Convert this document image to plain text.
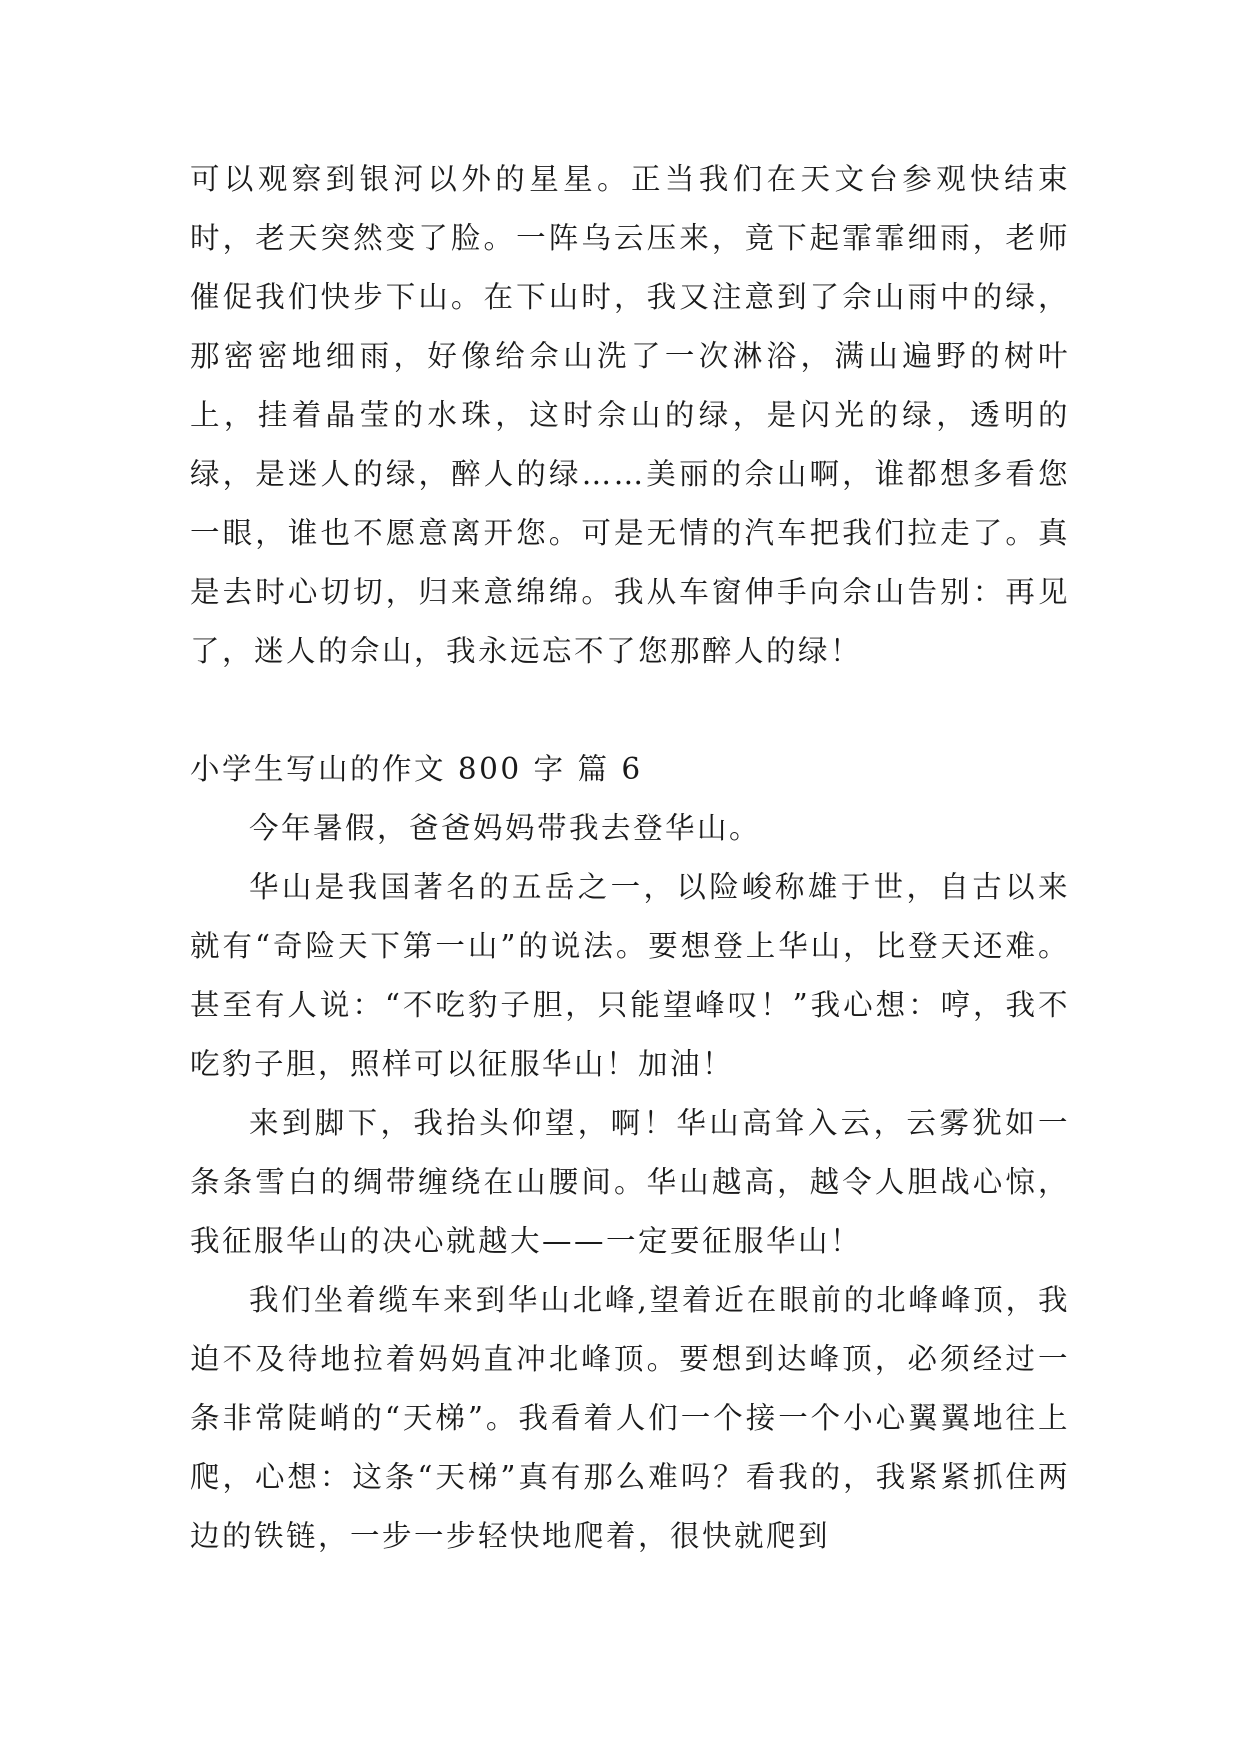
可以观察到银河以外的星星。正当我们在天文台参观快结束时，老天突然变了脸。一阵乌云压来，竟下起霏霏细雨，老师催促我们快步下山。在下山时，我又注意到了佘山雨中的绿，那密密地细雨，好像给佘山洗了一次淋浴，满山遍野的树叶上，挂着晶莹的水珠，这时佘山的绿，是闪光的绿，透明的绿，是迷人的绿，醉人的绿……美丽的佘山啊，谁都想多看您一眼，谁也不愿意离开您。可是无情的汽车把我们拉走了。真是去时心切切，归来意绵绵。我从车窗伸手向佘山告别：再见了，迷人的佘山，我永远忘不了您那醉人的绿！

小学生写山的作文 800 字 篇 6

今年暑假，爸爸妈妈带我去登华山。

华山是我国著名的五岳之一，以险峻称雄于世，自古以来就有“奇险天下第一山”的说法。要想登上华山，比登天还难。甚至有人说：“不吃豹子胆，只能望峰叹！”我心想：哼，我不吃豹子胆，照样可以征服华山！加油！

来到脚下，我抬头仰望，啊！华山高耸入云，云雾犹如一条条雪白的绸带缠绕在山腰间。华山越高，越令人胆战心惊，我征服华山的决心就越大——一定要征服华山！

我们坐着缆车来到华山北峰,望着近在眼前的北峰峰顶，我迫不及待地拉着妈妈直冲北峰顶。要想到达峰顶，必须经过一条非常陡峭的“天梯”。我看着人们一个接一个小心翼翼地往上爬，心想：这条“天梯”真有那么难吗？看我的，我紧紧抓住两边的铁链，一步一步轻快地爬着，很快就爬到
